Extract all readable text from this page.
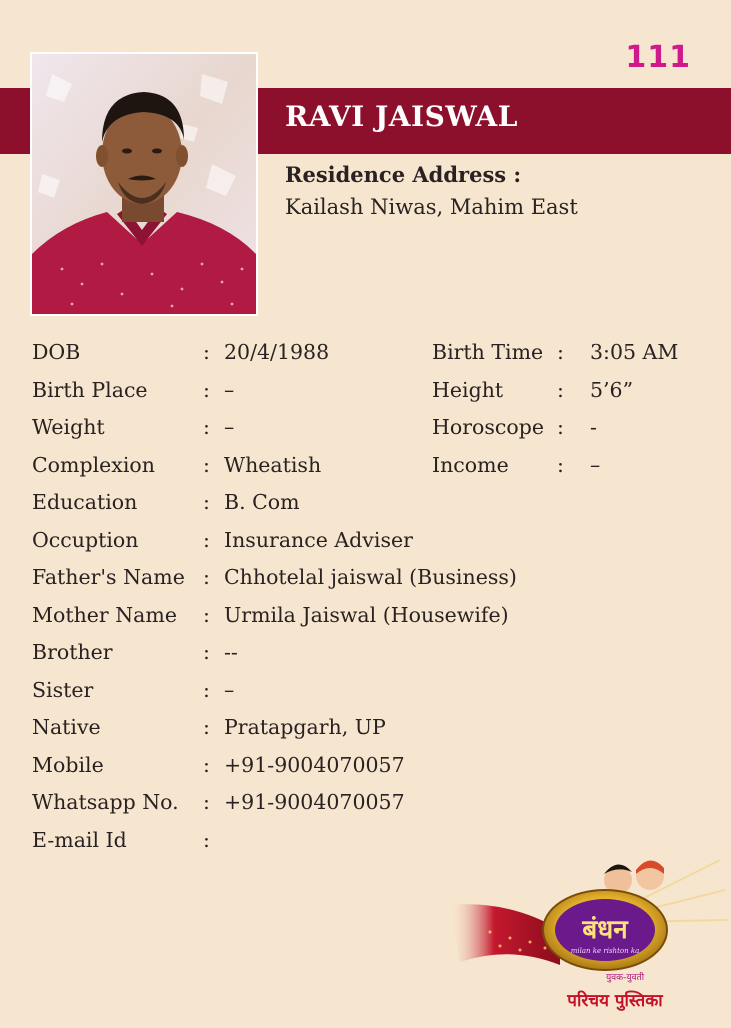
111
RAVI JAISWAL
Residence Address :
Kailash Niwas, Mahim East
DOB	: 20/4/1988	Birth Time : 3:05 AM
Birth Place	: –	Height	: 5’6”
Weight	: –	Horoscope : -
Complexion : Wheatish	Income : –
Education	: B. Com
Occuption	: Insurance Adviser
Father's Name : Chhotelal jaiswal (Business)
Mother Name : Urmila Jaiswal (Housewife)
Brother	: --
Sister	: –
Native	: Pratapgarh, UP
Mobile	: +91-9004070057
Whatsapp No. : +91-9004070057
E-mail Id	:
बंधन
milan ke rishton ka
युवक-युवती
परिचय पुस्तिका
